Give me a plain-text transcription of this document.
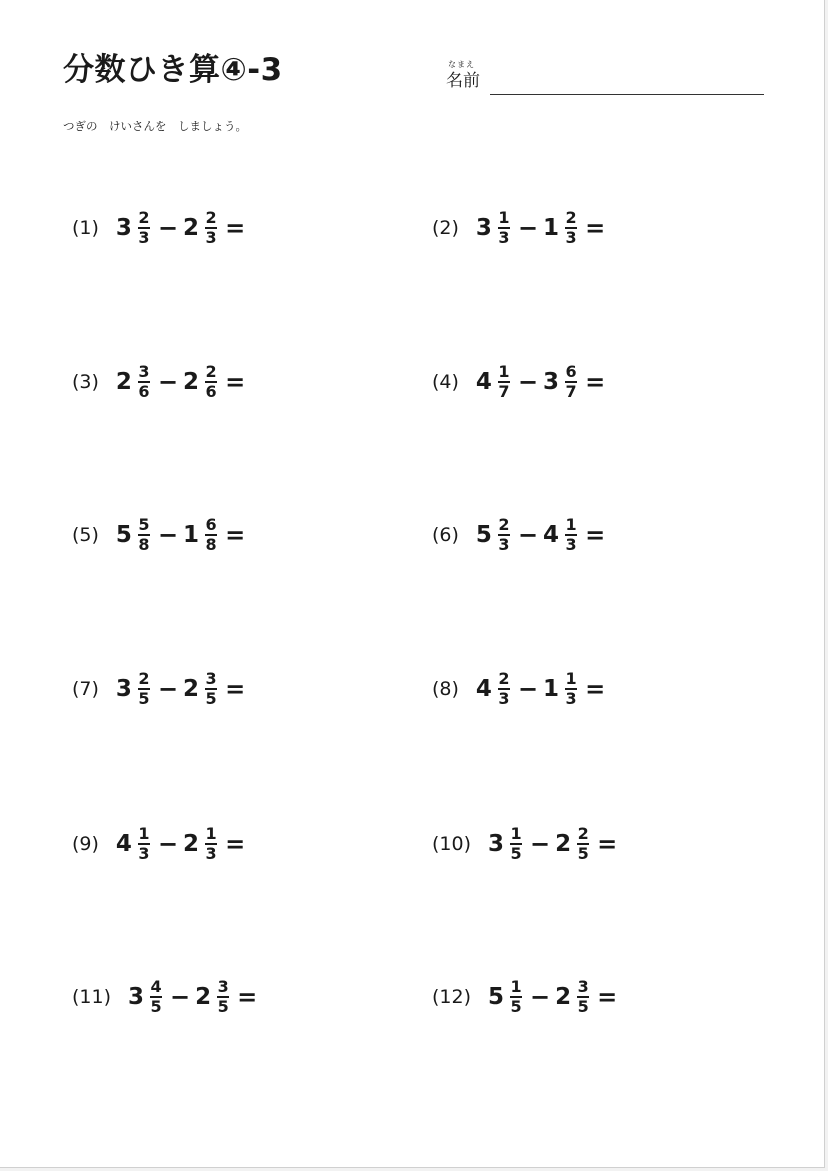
分数ひき算④-3	なまえ
名前
つぎの　けいさんを　しましょう。
(1) $3 \frac{2}{3} - 2 \frac{2}{3}$ =	(2) $3 \frac{1}{3} - 1 \frac{2}{3}$ =
(3) $2 \frac{3}{6} - 2 \frac{2}{6}$ =	(4) $4 \frac{1}{7} - 3 \frac{6}{7}$ =
(5) $5 \frac{5}{8} - 1 \frac{6}{8}$ =	(6) $5 \frac{2}{3} - 4 \frac{1}{3}$ =
(7) $3 \frac{2}{5} - 2 \frac{3}{5}$ =	(8) $4 \frac{2}{3} - 1 \frac{1}{3}$ =
(9) $4 \frac{1}{3} - 2 \frac{1}{3}$ =	(10) $3 \frac{1}{5} - 2 \frac{2}{5}$ =
(11) $3 \frac{4}{5} - 2 \frac{3}{5}$ =	(12) $5 \frac{1}{5} - 2 \frac{3}{5}$ =
